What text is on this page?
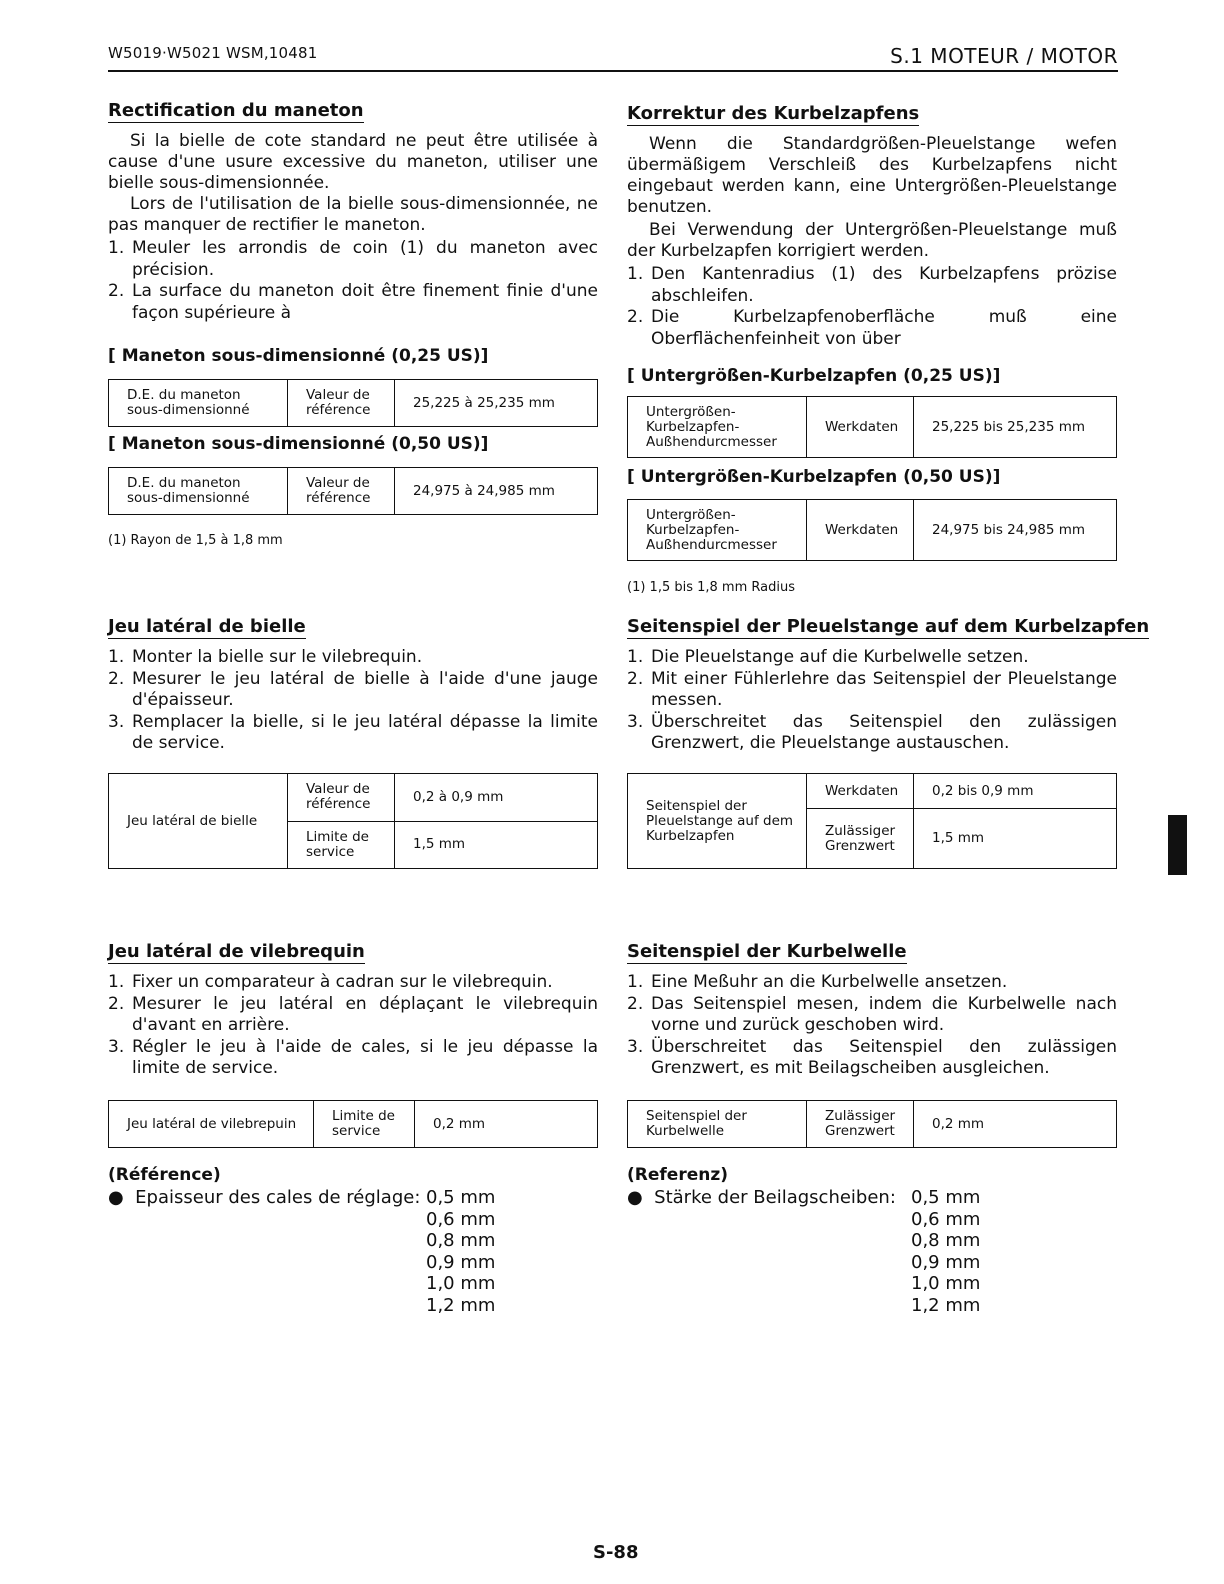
W5019·W5021 WSM,10481	S.1 MOTEUR / MOTOR
Rectification du maneton

Si la bielle de cote standard ne peut être utilisée à cause d'une usure excessive du maneton, utiliser une bielle sous-dimensionnée.

Lors de l'utilisation de la bielle sous-dimensionnée, ne pas manquer de rectifier le maneton.

1. Meuler les arrondis de coin (1) du maneton avec précision.
2. La surface du maneton doit être finement finie d'une façon supérieure à
[ Maneton sous-dimensionné (0,25 US)]
D.E. du maneton sous-dimensionné	Valeur de référence	25,225 à 25,235 mm
[ Maneton sous-dimensionné (0,50 US)]
D.E. du maneton sous-dimensionné	Valeur de référence	24,975 à 24,985 mm
(1) Rayon de 1,5 à 1,8 mm
Jeu latéral de bielle
1. Monter la bielle sur le vilebrequin.
2. Mesurer le jeu latéral de bielle à l'aide d'une jauge d'épaisseur.
3. Remplacer la bielle, si le jeu latéral dépasse la limite de service.
Jeu latéral de bielle	Valeur de référence	0,2 à 0,9 mm
	Limite de service	1,5 mm
Jeu latéral de vilebrequin
1. Fixer un comparateur à cadran sur le vilebrequin.
2. Mesurer le jeu latéral en déplaçant le vilebrequin d'avant en arrière.
3. Régler le jeu à l'aide de cales, si le jeu dépasse la limite de service.
Jeu latéral de vilebrepuin	Limite de service	0,2 mm
(Référence)
● Epaisseur des cales de réglage: 0,5 mm
0,6 mm
0,8 mm
0,9 mm
1,0 mm
1,2 mm
Korrektur des Kurbelzapfens

Wenn die Standardgrößen-Pleuelstange wefen übermäßigem Verschleiß des Kurbelzapfens nicht eingebaut werden kann, eine Untergrößen-Pleuelstange benutzen.

Bei Verwendung der Untergrößen-Pleuelstange muß der Kurbelzapfen korrigiert werden.

1. Den Kantenradius (1) des Kurbelzapfens prözise abschleifen.
2. Die Kurbelzapfenoberfläche muß eine Oberflächenfeinheit von über
[ Untergrößen-Kurbelzapfen (0,25 US)]
Untergrößen-Kurbelzapfen-Außhendurcmesser	Werkdaten	25,225 bis 25,235 mm
[ Untergrößen-Kurbelzapfen (0,50 US)]
Untergrößen-Kurbelzapfen-Außhendurcmesser	Werkdaten	24,975 bis 24,985 mm
(1) 1,5 bis 1,8 mm Radius
Seitenspiel der Pleuelstange auf dem Kurbelzapfen
1. Die Pleuelstange auf die Kurbelwelle setzen.
2. Mit einer Fühlerlehre das Seitenspiel der Pleuelstange messen.
3. Überschreitet das Seitenspiel den zulässigen Grenzwert, die Pleuelstange austauschen.
Seitenspiel der Pleuelstange auf dem Kurbelzapfen	Werkdaten	0,2 bis 0,9 mm
	Zulässiger Grenzwert	1,5 mm
Seitenspiel der Kurbelwelle
1. Eine Meßuhr an die Kurbelwelle ansetzen.
2. Das Seitenspiel mesen, indem die Kurbelwelle nach vorne und zurück geschoben wird.
3. Überschreitet das Seitenspiel den zulässigen Grenzwert, es mit Beilagscheiben ausgleichen.
Seitenspiel der Kurbelwelle	Zulässiger Grenzwert	0,2 mm
(Referenz)
● Stärke der Beilagscheiben: 0,5 mm
0,6 mm
0,8 mm
0,9 mm
1,0 mm
1,2 mm
S-88
